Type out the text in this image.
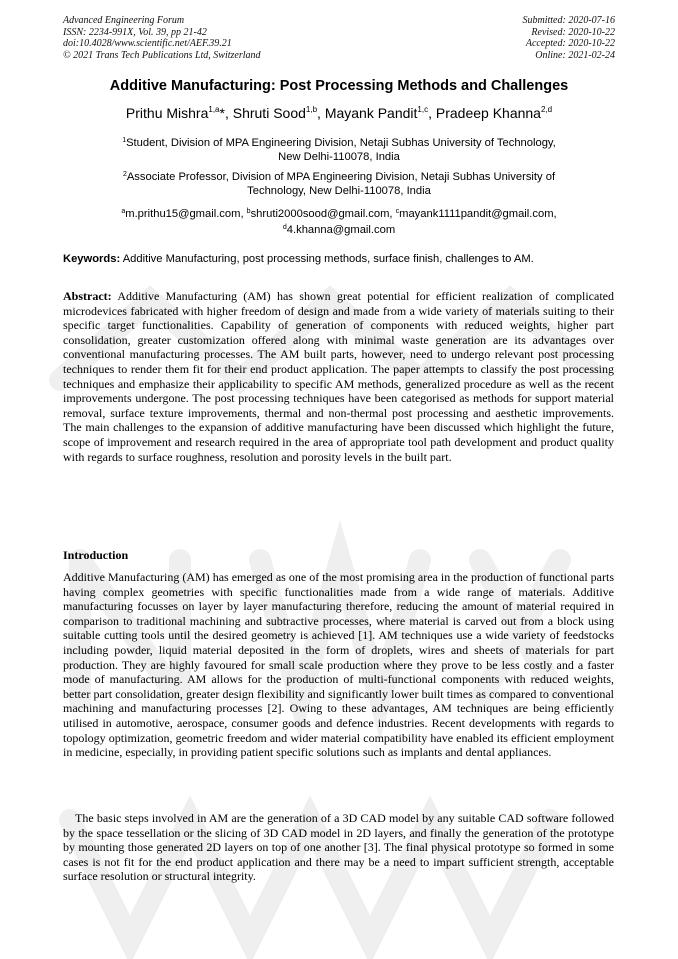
Advanced Engineering Forum
ISSN: 2234-991X, Vol. 39, pp 21-42
doi:10.4028/www.scientific.net/AEF.39.21
© 2021 Trans Tech Publications Ltd, Switzerland
Submitted: 2020-07-16
Revised: 2020-10-22
Accepted: 2020-10-22
Online: 2021-02-24
Additive Manufacturing: Post Processing Methods and Challenges
Prithu Mishra$^{1,a}$*, Shruti Sood$^{1,b}$, Mayank Pandit$^{1,c}$, Pradeep Khanna$^{2,d}$
$^1$Student, Division of MPA Engineering Division, Netaji Subhas University of Technology,
New Delhi-110078, India
$^2$Associate Professor, Division of MPA Engineering Division, Netaji Subhas University of
Technology, New Delhi-110078, India
$^a$m.prithu15@gmail.com, $^b$shruti2000sood@gmail.com, $^c$mayank1111pandit@gmail.com,
$^d$4.khanna@gmail.com
Keywords: Additive Manufacturing, post processing methods, surface finish, challenges to AM.
Abstract: Additive Manufacturing (AM) has shown great potential for efficient realization of complicated microdevices fabricated with higher freedom of design and made from a wide variety of materials suiting to their specific target functionalities. Capability of generation of components with reduced weights, higher part consolidation, greater customization offered along with minimal waste generation are its advantages over conventional manufacturing processes. The AM built parts, however, need to undergo relevant post processing techniques to render them fit for their end product application. The paper attempts to classify the post processing techniques and emphasize their applicability to specific AM methods, generalized procedure as well as the recent improvements undergone. The post processing techniques have been categorised as methods for support material removal, surface texture improvements, thermal and non-thermal post processing and aesthetic improvements. The main challenges to the expansion of additive manufacturing have been discussed which highlight the future, scope of improvement and research required in the area of appropriate tool path development and product quality with regards to surface roughness, resolution and porosity levels in the built part.
Introduction
Additive Manufacturing (AM) has emerged as one of the most promising area in the production of functional parts having complex geometries with specific functionalities made from a wide range of materials. Additive manufacturing focusses on layer by layer manufacturing therefore, reducing the amount of material required in comparison to traditional machining and subtractive processes, where material is carved out from a block using suitable cutting tools until the desired geometry is achieved [1]. AM techniques use a wide variety of feedstocks including powder, liquid material deposited in the form of droplets, wires and sheets of materials for part production. They are highly favoured for small scale production where they prove to be less costly and a faster mode of manufacturing. AM allows for the production of multi-functional components with reduced weights, better part consolidation, greater design flexibility and significantly lower built times as compared to conventional machining and manufacturing processes [2]. Owing to these advantages, AM techniques are being efficiently utilised in automotive, aerospace, consumer goods and defence industries. Recent developments with regards to topology optimization, geometric freedom and wider material compatibility have enabled its efficient employment in medicine, especially, in providing patient specific solutions such as implants and dental appliances.
The basic steps involved in AM are the generation of a 3D CAD model by any suitable CAD software followed by the space tessellation or the slicing of 3D CAD model in 2D layers, and finally the generation of the prototype by mounting those generated 2D layers on top of one another [3]. The final physical prototype so formed in some cases is not fit for the end product application and there may be a need to impart sufficient strength, acceptable surface resolution or structural integrity.
